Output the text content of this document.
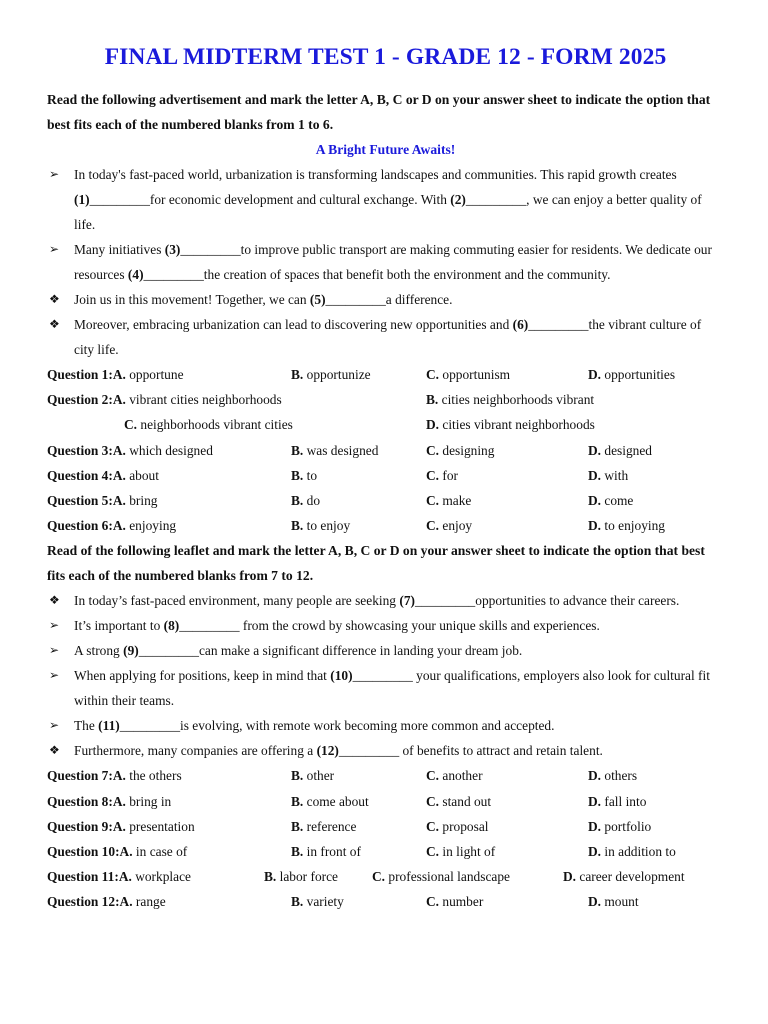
FINAL MIDTERM TEST 1 - GRADE 12 - FORM 2025

Read the following advertisement and mark the letter A, B, C or D on your answer sheet to indicate the option that best fits each of the numbered blanks from 1 to 6.

A Bright Future Awaits!

➢	In today's fast-paced world, urbanization is transforming landscapes and communities. This rapid growth creates (1)_________for economic development and cultural exchange. With (2)_________, we can enjoy a better quality of life.
➢	Many initiatives (3)_________to improve public transport are making commuting easier for residents. We dedicate our resources (4)_________the creation of spaces that benefit both the environment and the community.
❖	Join us in this movement! Together, we can (5)_________a difference.
❖	Moreover, embracing urbanization can lead to discovering new opportunities and (6)_________the vibrant culture of city life.
Question 1:A. opportune	B. opportunize	C. opportunism	D. opportunities
Question 2:A. vibrant cities neighborhoods	B. cities neighborhoods vibrant
C. neighborhoods vibrant cities	D. cities vibrant neighborhoods
Question 3:A. which designed	B. was designed	C. designing	D. designed
Question 4:A. about	B. to	C. for	D. with
Question 5:A. bring	B. do	C. make	D. come
Question 6:A. enjoying	B. to enjoy	C. enjoy	D. to enjoying

Read of the following leaflet and mark the letter A, B, C or D on your answer sheet to indicate the option that best fits each of the numbered blanks from 7 to 12.

❖	In today’s fast-paced environment, many people are seeking (7)_________opportunities to advance their careers.
➢	It’s important to (8)_________ from the crowd by showcasing your unique skills and experiences.
➢	A strong (9)_________can make a significant difference in landing your dream job.
➢	When applying for positions, keep in mind that (10)_________ your qualifications, employers also look for cultural fit within their teams.
➢	The (11)_________is evolving, with remote work becoming more common and accepted.
❖	Furthermore, many companies are offering a (12)_________ of benefits to attract and retain talent.
Question 7:A. the others	B. other	C. another	D. others
Question 8:A. bring in	B. come about	C. stand out	D. fall into
Question 9:A. presentation	B. reference	C. proposal	D. portfolio
Question 10:A. in case of	B. in front of	C. in light of	D. in addition to
Question 11:A. workplace	B. labor force	C. professional landscape	D. career development
Question 12:A. range	B. variety	C. number	D. mount
